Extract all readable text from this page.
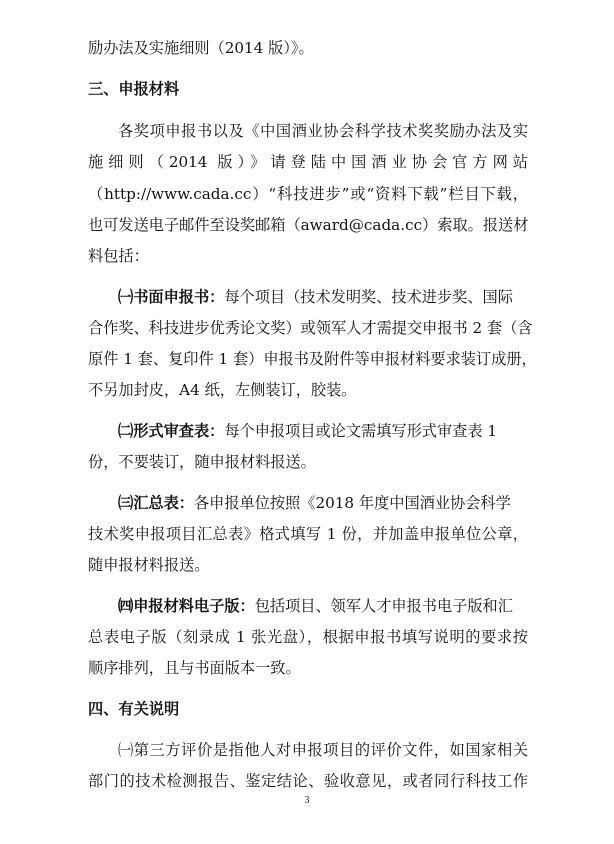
励办法及实施细则（2014 版）》。
三、申报材料
各奖项申报书以及《中国酒业协会科学技术奖奖励办法及实
施细则（2014 版）》请登陆中国酒业协会官方网站
（http://www.cada.cc）“科技进步”或“资料下载”栏目下载，
也可发送电子邮件至设奖邮箱（award@cada.cc）索取。报送材
料包括：
㈠书面申报书：每个项目（技术发明奖、技术进步奖、国际
合作奖、科技进步优秀论文奖）或领军人才需提交申报书 2 套（含
原件 1 套、复印件 1 套）申报书及附件等申报材料要求装订成册，
不另加封皮，A4 纸，左侧装订，胶装。
㈡形式审查表：每个申报项目或论文需填写形式审查表 1
份，不要装订，随申报材料报送。
㈢汇总表：各申报单位按照《2018 年度中国酒业协会科学
技术奖申报项目汇总表》格式填写 1 份，并加盖申报单位公章，
随申报材料报送。
㈣申报材料电子版：包括项目、领军人才申报书电子版和汇
总表电子版（刻录成 1 张光盘），根据申报书填写说明的要求按
顺序排列，且与书面版本一致。
四、有关说明
㈠第三方评价是指他人对申报项目的评价文件，如国家相关
部门的技术检测报告、鉴定结论、验收意见，或者同行科技工作
3
